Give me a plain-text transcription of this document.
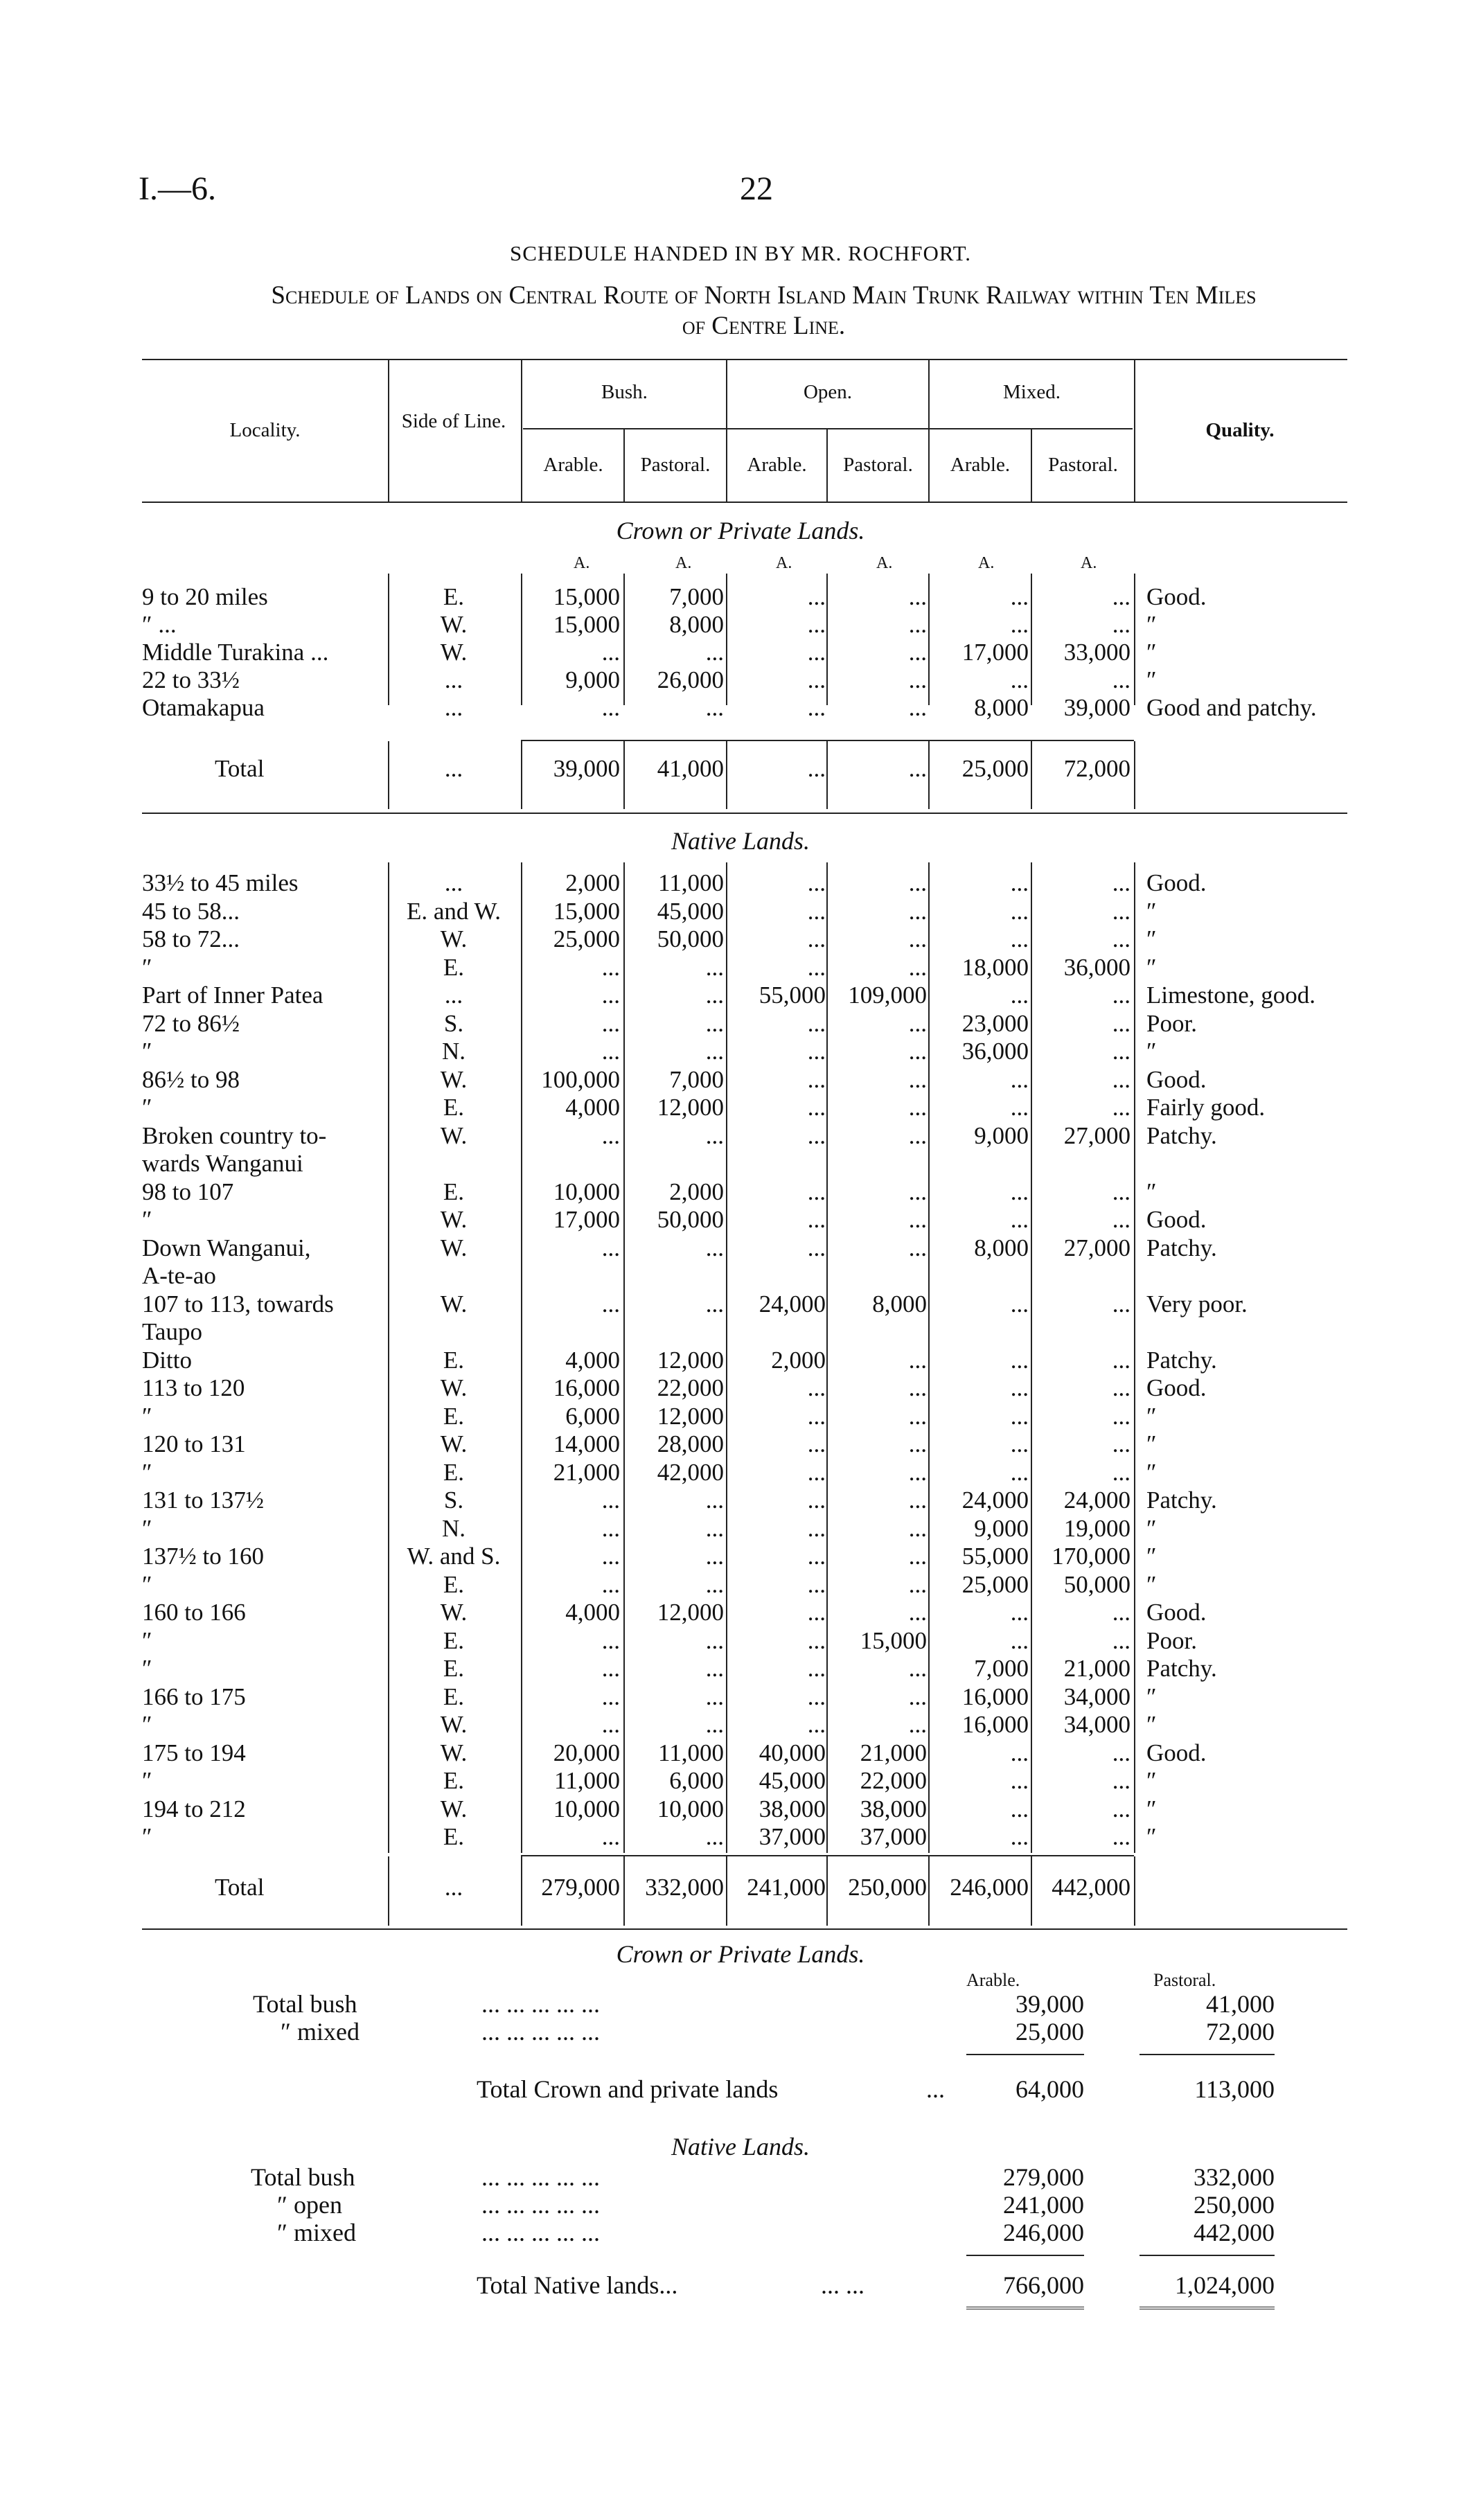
I.—6.	22
SCHEDULE HANDED IN BY MR. ROCHFORT.
Schedule of Lands on Central Route of North Island Main Trunk Railway within Ten Miles
of Centre Line.
Locality.	Side of Line.
Bush.	Open.	Mixed.
Quality.
Arable.	Pastoral.	Arable.	Pastoral.	Arable.	Pastoral.
Crown or Private Lands.
A.	A.	A.	A.	A.	A.
9 to 20 miles	E.	15,000	7,000	...	...	...	... Good.
″ ...	W.	15,000	8,000	...	...	...	... ″
Middle Turakina ...	W.	...	...	...	...	17,000	33,000 ″
22 to 33½	...	9,000	26,000	...	...	...	... ″
Otamakapua	...	...	...	...	...	8,000	39,000 Good and patchy.
Total	...	39,000	41,000	...	...	25,000	72,000
Native Lands.
33½ to 45 miles	...	2,000	11,000	...	...	...	... Good.
45 to 58...	E. and W.	15,000	45,000	...	...	...	... ″
58 to 72...	W.	25,000	50,000	...	...	...	... ″
″	E.	...	...	...	...	18,000	36,000 ″
Part of Inner Patea	...	...	...	55,000 109,000	...	... Limestone, good.
72 to 86½	S.	...	...	...	...	23,000	... Poor.
″	N.	...	...	...	...	36,000	... ″
86½ to 98	W.	100,000	7,000	...	...	...	... Good.
″	E.	4,000	12,000	...	...	...	... Fairly good.
Broken country to-	W.	...	...	...	...	9,000	27,000 Patchy.
wards Wanganui
98 to 107	E.	10,000	2,000	...	...	...	... ″
″	W.	17,000	50,000	...	...	...	... Good.
Down Wanganui,	W.	...	...	...	...	8,000	27,000 Patchy.
A-te-ao
107 to 113, towards	W.	...	...	24,000	8,000	...	... Very poor.
Taupo
Ditto	E.	4,000	12,000	2,000	...	...	... Patchy.
113 to 120	W.	16,000	22,000	...	...	...	... Good.
″	E.	6,000	12,000	...	...	...	... ″
120 to 131	W.	14,000	28,000	...	...	...	... ″
″	E.	21,000	42,000	...	...	...	... ″
131 to 137½	S.	...	...	...	...	24,000	24,000 Patchy.
″	N.	...	...	...	...	9,000	19,000 ″
137½ to 160	W. and S.	...	...	...	...	55,000 170,000 ″
″	E.	...	...	...	...	25,000	50,000 ″
160 to 166	W.	4,000	12,000	...	...	...	... Good.
″	E.	...	...	...	15,000	...	... Poor.
″	E.	...	...	...	...	7,000	21,000 Patchy.
166 to 175	E.	...	...	...	...	16,000	34,000 ″
″	W.	...	...	...	...	16,000	34,000 ″
175 to 194	W.	20,000	11,000	40,000	21,000	...	... Good.
″	E.	11,000	6,000	45,000	22,000	...	... ″
194 to 212	W.	10,000	10,000	38,000	38,000	...	... ″
″	E.	...	...	37,000	37,000	...	... ″
Total	...	279,000	332,000 241,000 250,000 246,000 442,000
Crown or Private Lands.
Arable.	Pastoral.
Total bush	... ... ... ... ...	39,000	41,000
″ mixed	... ... ... ... ...	25,000	72,000
Total Crown and private lands	...	64,000	113,000
Native Lands.
Total bush	... ... ... ... ...	279,000	332,000
″ open	... ... ... ... ...	241,000	250,000
″ mixed	... ... ... ... ...	246,000	442,000
Total Native lands...	... ...	766,000	1,024,000
